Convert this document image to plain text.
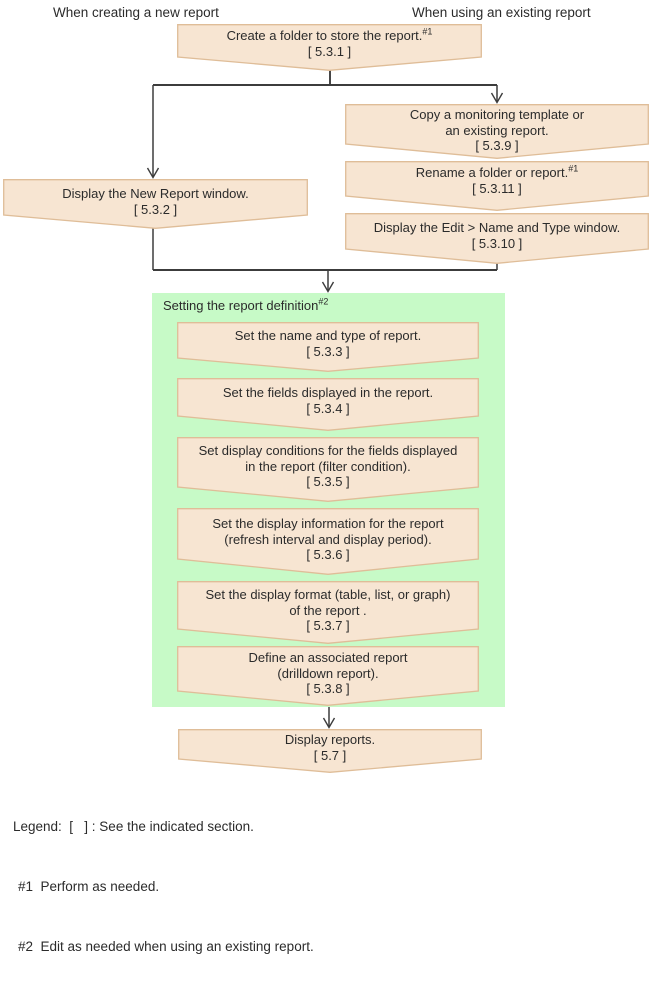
When creating a new report	When using an existing report
Setting the report definition$^{\#2}$
Create a folder to store the report.$^{\#1}$
[ 5.3.1 ]
Copy a monitoring template or
an existing report.
[ 5.3.9 ]
Rename a folder or report.$^{\#1}$
[ 5.3.11 ]
Display the Edit > Name and Type window.
[ 5.3.10 ]
Display the New Report window.
[ 5.3.2 ]
Set the name and type of report.
[ 5.3.3 ]
Set the fields displayed in the report.
[ 5.3.4 ]
Set display conditions for the fields displayed
in the report (filter condition).
[ 5.3.5 ]
Set the display information for the report
(refresh interval and display period).
[ 5.3.6 ]
Set the display format (table, list, or graph)
of the report .
[ 5.3.7 ]
Define an associated report
(drilldown report).
[ 5.3.8 ]
Display reports.
[ 5.7 ]

Legend:  [   ] : See the indicated section.

#1  Perform as needed.

#2  Edit as needed when using an existing report.
